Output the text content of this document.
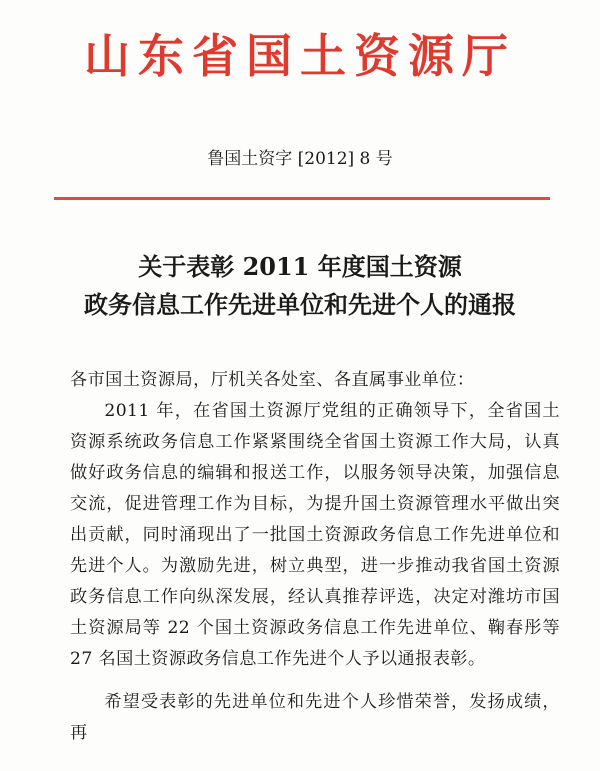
山东省国土资源厅
鲁国土资字 [2012] 8 号
关于表彰 2011 年度国土资源
政务信息工作先进单位和先进个人的通报

各市国土资源局，厅机关各处室、各直属事业单位：

2011 年，在省国土资源厅党组的正确领导下，全省国土资源系统政务信息工作紧紧围绕全省国土资源工作大局，认真做好政务信息的编辑和报送工作，以服务领导决策，加强信息交流，促进管理工作为目标，为提升国土资源管理水平做出突出贡献，同时涌现出了一批国土资源政务信息工作先进单位和先进个人。为激励先进，树立典型，进一步推动我省国土资源政务信息工作向纵深发展，经认真推荐评选，决定对潍坊市国土资源局等 22 个国土资源政务信息工作先进单位、鞠春彤等 27 名国土资源政务信息工作先进个人予以通报表彰。

希望受表彰的先进单位和先进个人珍惜荣誉，发扬成绩，再
